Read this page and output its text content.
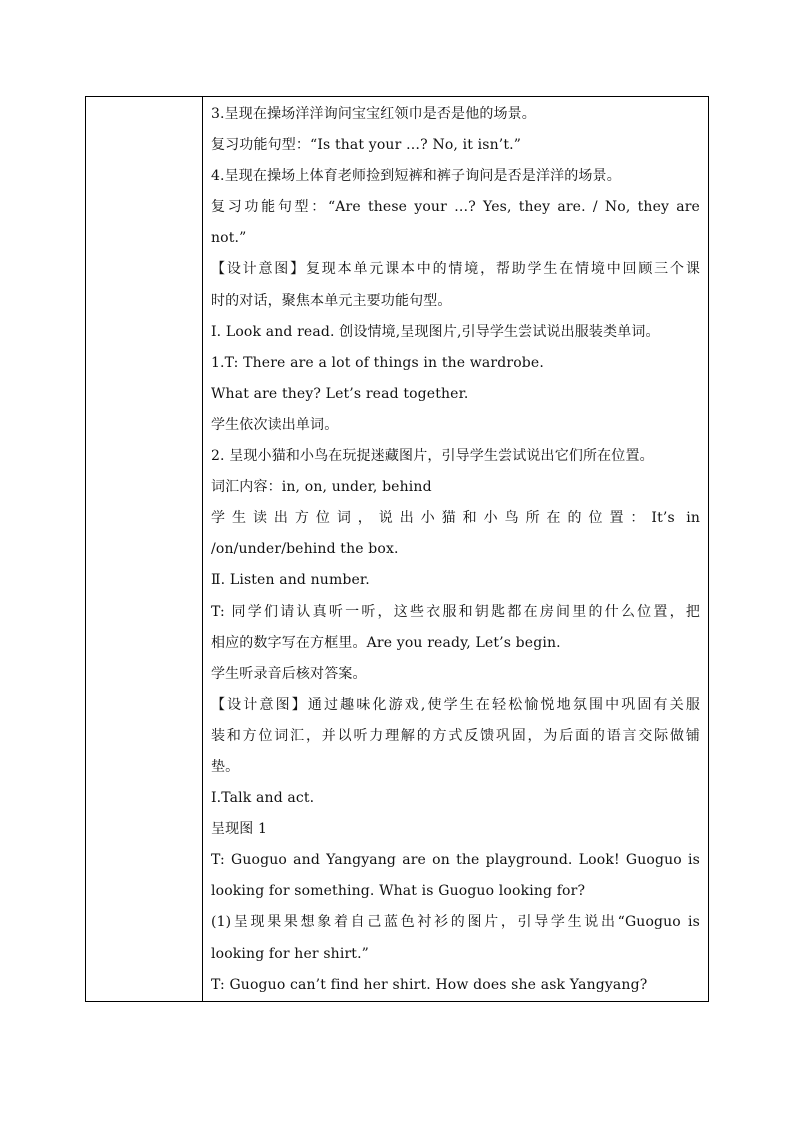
3.呈现在操场洋洋询问宝宝红领巾是否是他的场景。
复习功能句型：“Is that your …? No, it isn’t.”
4.呈现在操场上体育老师捡到短裤和裤子询问是否是洋洋的场景。
复习功能句型：“Are these your …? Yes, they are. / No, they are
not.”
【设计意图】复现本单元课本中的情境，帮助学生在情境中回顾三个课
时的对话，聚焦本单元主要功能句型。
Ⅰ. Look and read. 创设情境,呈现图片,引导学生尝试说出服装类单词。
1.T: There are a lot of things in the wardrobe.
What are they? Let’s read together.
学生依次读出单词。
2. 呈现小猫和小鸟在玩捉迷藏图片，引导学生尝试说出它们所在位置。
词汇内容：in, on, under, behind
学生读出方位词，说出小猫和小鸟所在的位置：It’s in
/on/under/behind the box.
Ⅱ. Listen and number.
T: 同学们请认真听一听，这些衣服和钥匙都在房间里的什么位置，把
相应的数字写在方框里。Are you ready, Let’s begin.
学生听录音后核对答案。
【设计意图】通过趣味化游戏,使学生在轻松愉悦地氛围中巩固有关服
装和方位词汇，并以听力理解的方式反馈巩固，为后面的语言交际做铺
垫。
Ⅰ.Talk and act.
呈现图 1
T: Guoguo and Yangyang are on the playground. Look! Guoguo is
looking for something. What is Guoguo looking for?
(1)呈现果果想象着自己蓝色衬衫的图片，引导学生说出“Guoguo is
looking for her shirt.”
T: Guoguo can’t find her shirt. How does she ask Yangyang?
